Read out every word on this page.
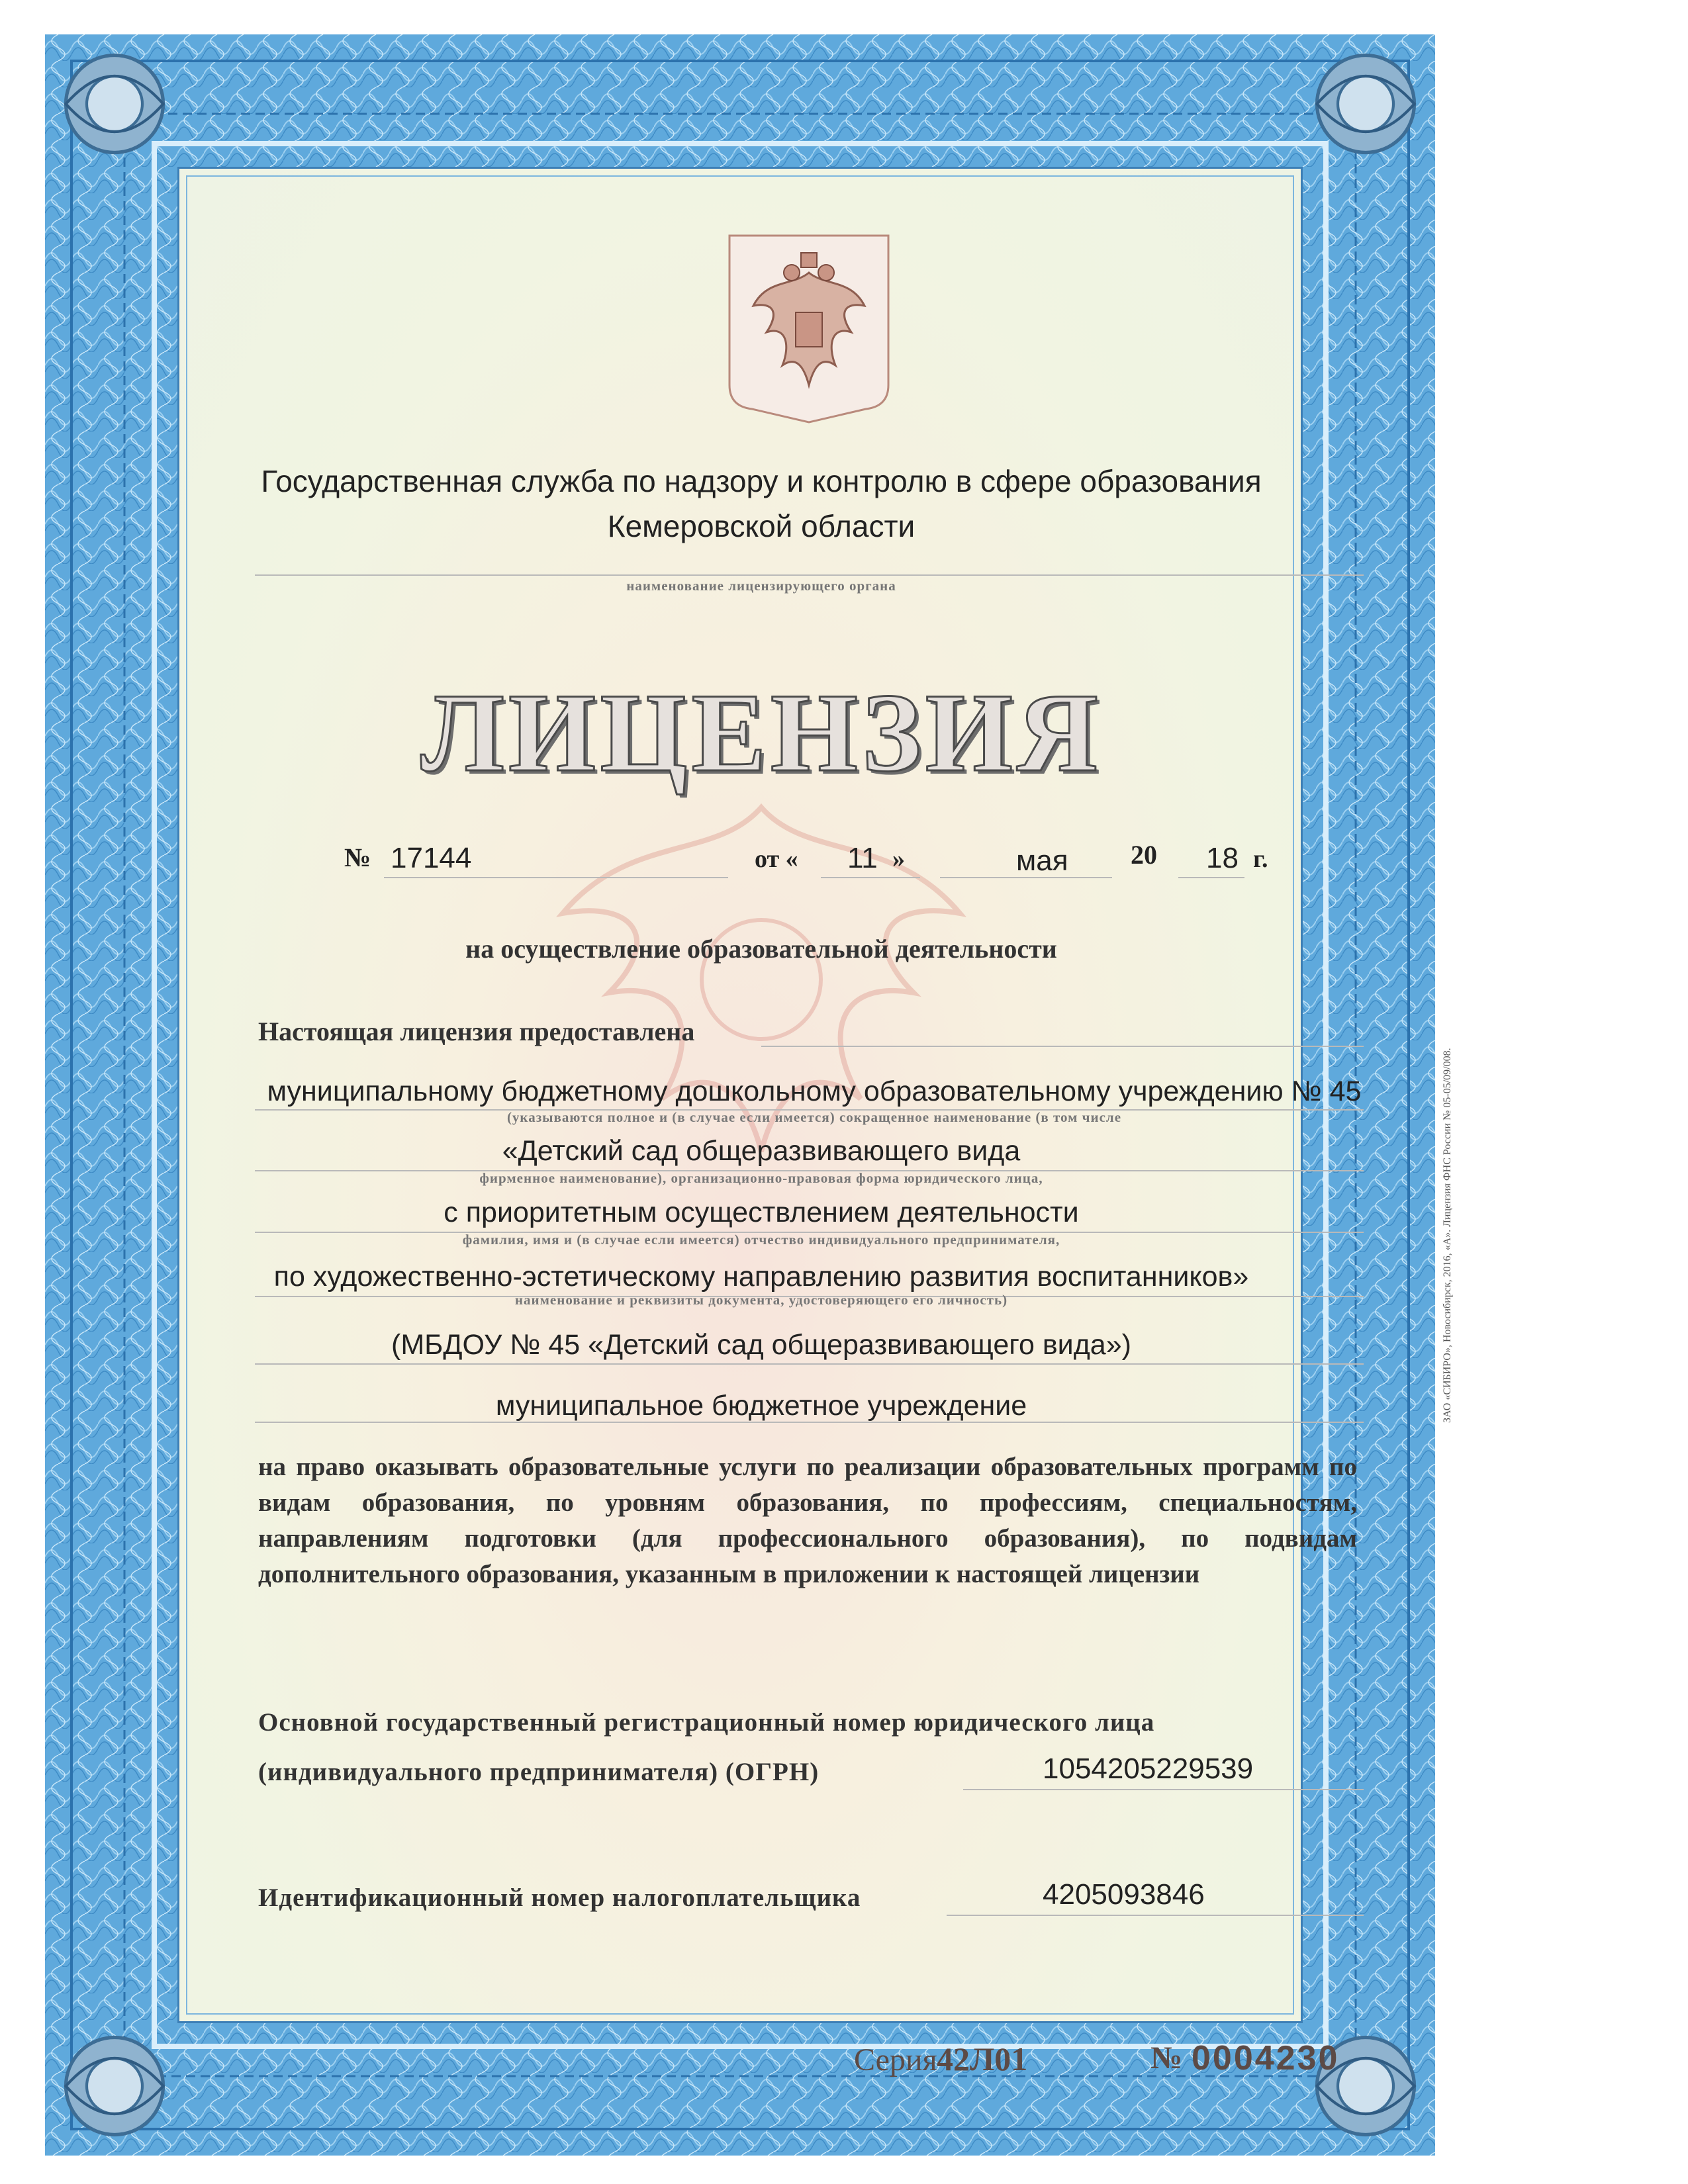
Государственная служба по надзору и контролю в сфере образования
Кемеровской области
наименование лицензирующего органа
ЛИЦЕНЗИЯ
№ 17144	от « 11 »	мая 20 18 г.
на осуществление образовательной деятельности
Настоящая лицензия предоставлена
муниципальному бюджетному дошкольному образовательному учреждению № 45
(указываются полное и (в случае если имеется) сокращенное наименование (в том числе
«Детский сад общеразвивающего вида
фирменное наименование), организационно-правовая форма юридического лица,
с приоритетным осуществлением деятельности
фамилия, имя и (в случае если имеется) отчество индивидуального предпринимателя,
по художественно-эстетическому направлению развития воспитанников»
наименование и реквизиты документа, удостоверяющего его личность)
(МБДОУ № 45 «Детский сад общеразвивающего вида»)
муниципальное бюджетное учреждение
на право оказывать образовательные услуги по реализации образовательных программ по видам образования, по уровням образования, по профессиям, специальностям, направлениям подготовки (для профессионального образования), по подвидам дополнительного образования, указанным в приложении к настоящей лицензии
Основной государственный регистрационный номер юридического лица
(индивидуального предпринимателя) (ОГРН)	1054205229539
Идентификационный номер налогоплательщика	4205093846
Серия 42Л01	№ 0004230
ЗАО «СИБИРО», Новосибирск, 2016, «А». Лицензия ФНС России № 05-05/09/008.
